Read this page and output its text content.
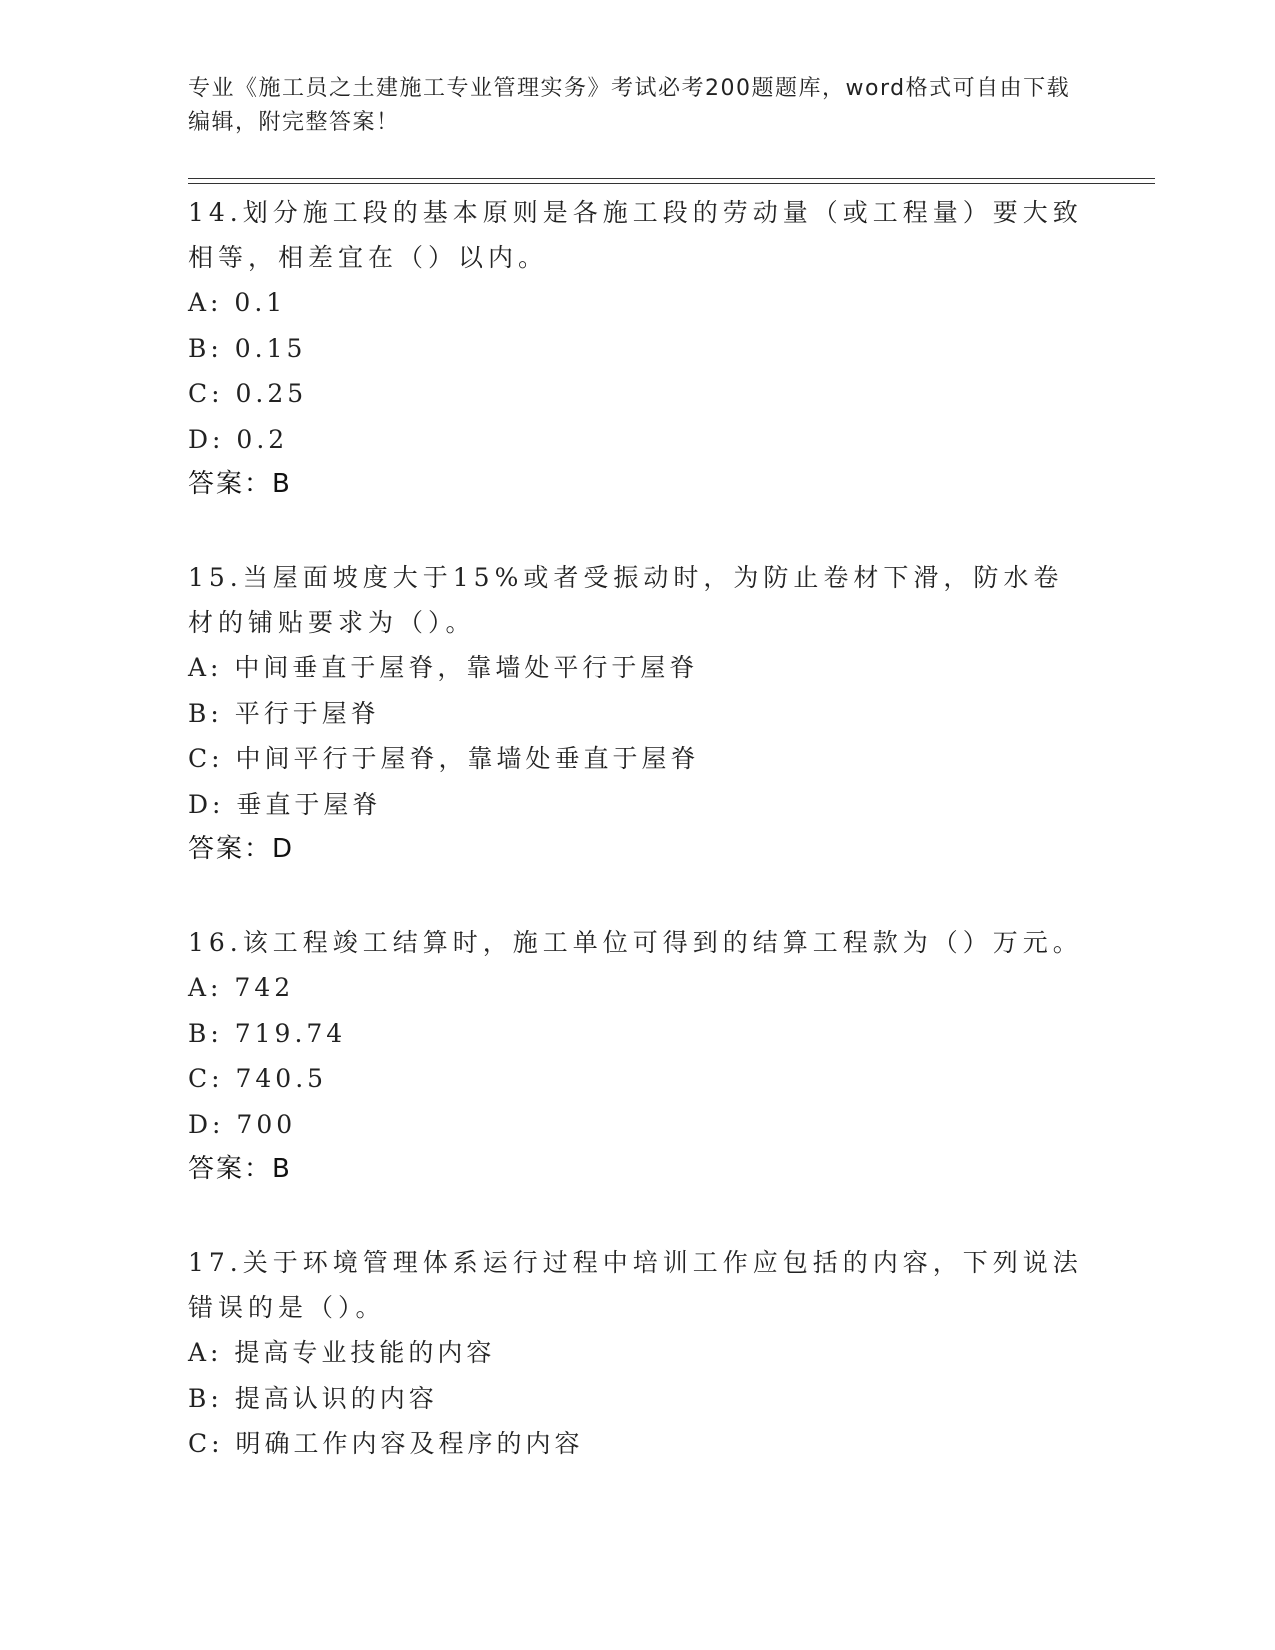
专业《施工员之土建施工专业管理实务》考试必考200题题库，word格式可自由下载编辑，附完整答案！
14.划分施工段的基本原则是各施工段的劳动量（或工程量）要大致相等，相差宜在（）以内。
A: 0.1
B: 0.15
C: 0.25
D: 0.2
答案：B
15.当屋面坡度大于15%或者受振动时，为防止卷材下滑，防水卷材的铺贴要求为（）。
A: 中间垂直于屋脊，靠墙处平行于屋脊
B: 平行于屋脊
C: 中间平行于屋脊，靠墙处垂直于屋脊
D: 垂直于屋脊
答案：D
16.该工程竣工结算时，施工单位可得到的结算工程款为（）万元。
A: 742
B: 719.74
C: 740.5
D: 700
答案：B
17.关于环境管理体系运行过程中培训工作应包括的内容，下列说法错误的是（）。
A: 提高专业技能的内容
B: 提高认识的内容
C: 明确工作内容及程序的内容
